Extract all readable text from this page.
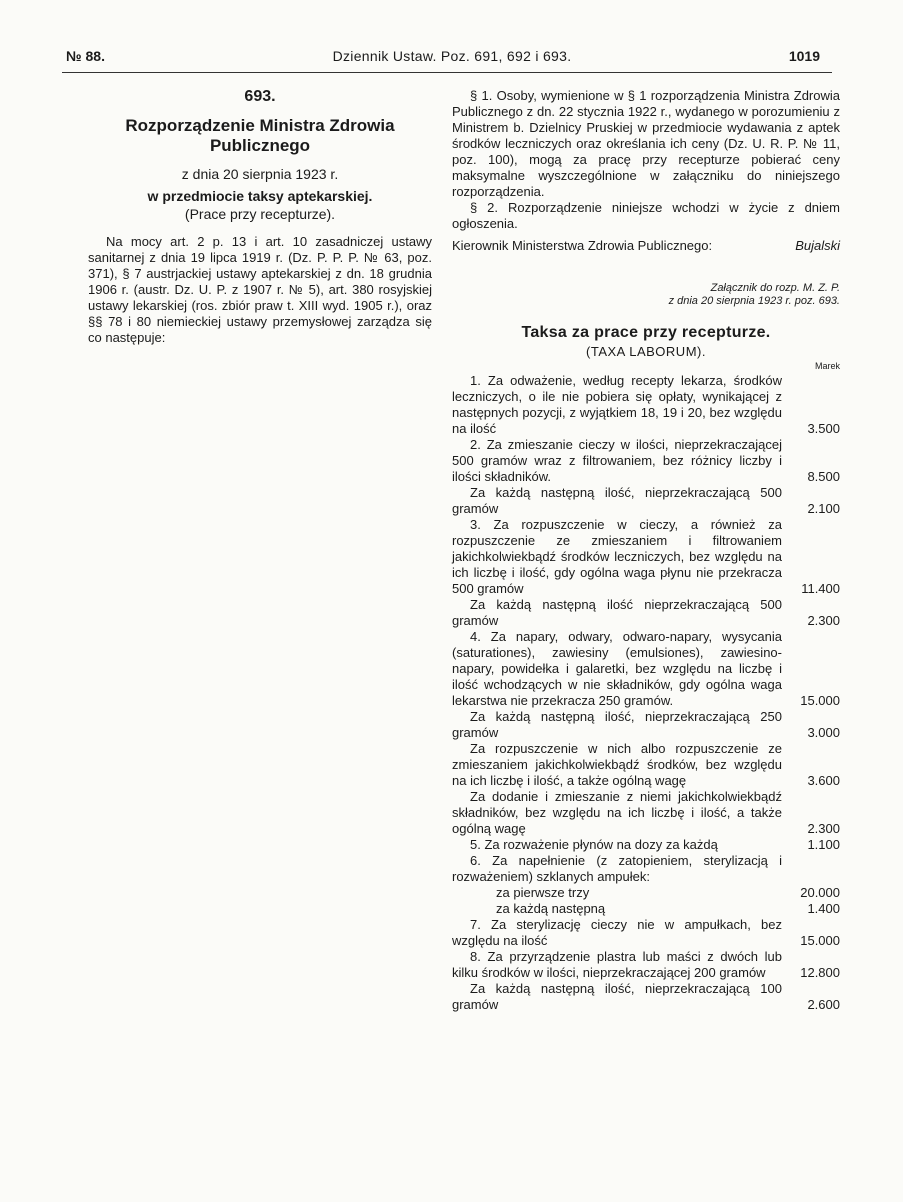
№ 88.	Dziennik Ustaw. Poz. 691, 692 i 693.	1019
693.
Rozporządzenie Ministra Zdrowia Publicznego
z dnia 20 sierpnia 1923 r.
w przedmiocie taksy aptekarskiej.
(Prace przy recepturze).

Na mocy art. 2 p. 13 i art. 10 zasadniczej ustawy sanitarnej z dnia 19 lipca 1919 r. (Dz. P. P. P. № 63, poz. 371), § 7 austrjackiej ustawy aptekarskiej z dn. 18 grudnia 1906 r. (austr. Dz. U. P. z 1907 r. № 5), art. 380 rosyjskiej ustawy lekarskiej (ros. zbiór praw t. XIII wyd. 1905 r.), oraz §§ 78 i 80 niemieckiej ustawy przemysłowej zarządza się co następuje:

§ 1. Osoby, wymienione w § 1 rozporządzenia Ministra Zdrowia Publicznego z dn. 22 stycznia 1922 r., wydanego w porozumieniu z Ministrem b. Dzielnicy Pruskiej w przedmiocie wydawania z aptek środków leczniczych oraz określania ich ceny (Dz. U. R. P. № 11, poz. 100), mogą za pracę przy recepturze pobierać ceny maksymalne wyszczególnione w załączniku do niniejszego rozporządzenia.

§ 2. Rozporządzenie niniejsze wchodzi w życie z dniem ogłoszenia.

Kierownik Ministerstwa Zdrowia Publicznego:	Bujalski
Załącznik do rozp. M. Z. P.
z dnia 20 sierpnia 1923 r. poz. 693.
Taksa za prace przy recepturze.
(TAXA LABORUM).
Marek
1. Za odważenie, według recepty lekarza, środków leczniczych, o ile nie pobiera się opłaty, wynikającej z następnych pozycji, z wyjątkiem 18, 19 i 20, bez względu na ilość	3.500
2. Za zmieszanie cieczy w ilości, nieprzekraczającej 500 gramów wraz z filtrowaniem, bez różnicy liczby i ilości składników.	8.500
Za każdą następną ilość, nieprzekraczającą 500 gramów	2.100
3. Za rozpuszczenie w cieczy, a również za rozpuszczenie ze zmieszaniem i filtrowaniem jakichkolwiekbądź środków leczniczych, bez względu na ich liczbę i ilość, gdy ogólna waga płynu nie przekracza 500 gramów	11.400
Za każdą następną ilość nieprzekraczającą 500 gramów	2.300
4. Za napary, odwary, odwaro-napary, wysycania (saturationes), zawiesiny (emulsiones), zawiesino-napary, powidełka i galaretki, bez względu na liczbę i ilość wchodzących w nie składników, gdy ogólna waga lekarstwa nie przekracza 250 gramów.	15.000
Za każdą następną ilość, nieprzekraczającą 250 gramów	3.000
Za rozpuszczenie w nich albo rozpuszczenie ze zmieszaniem jakichkolwiekbądź środków, bez względu na ich liczbę i ilość, a także ogólną wagę	3.600
Za dodanie i zmieszanie z niemi jakichkolwiekbądź składników, bez względu na ich liczbę i ilość, a także ogólną wagę	2.300
5. Za rozważenie płynów na dozy za każdą	1.100
6. Za napełnienie (z zatopieniem, sterylizacją i rozważeniem) szklanych ampułek:
za pierwsze trzy	20.000
za każdą następną	1.400
7. Za sterylizację cieczy nie w ampułkach, bez względu na ilość	15.000
8. Za przyrządzenie plastra lub maści z dwóch lub kilku środków w ilości, nieprzekraczającej 200 gramów	12.800
Za każdą następną ilość, nieprzekraczającą 100 gramów	2.600
